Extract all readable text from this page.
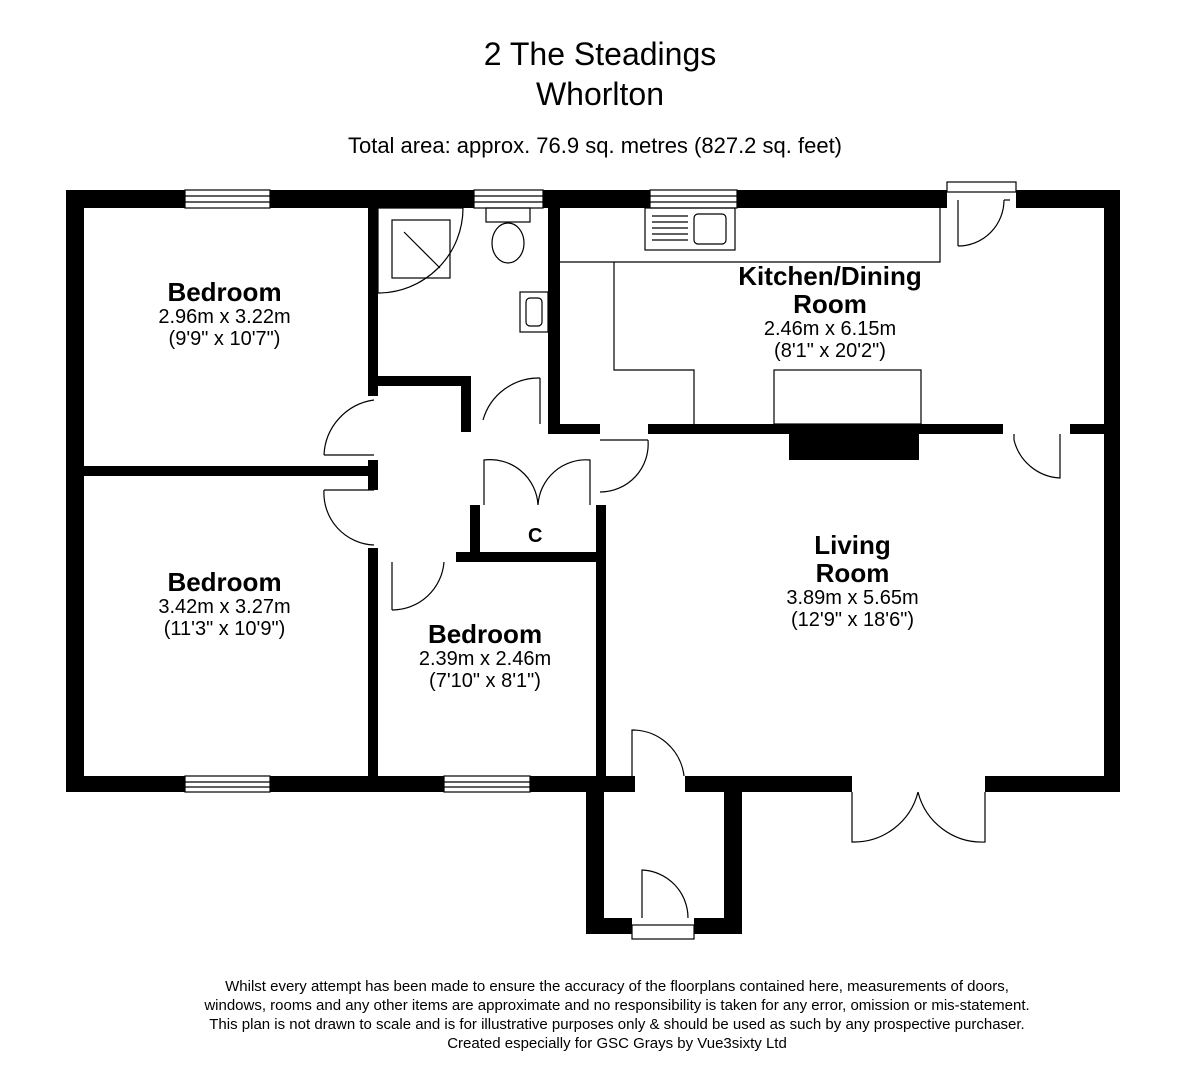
2 The Steadings
Whorlton
Total area: approx. 76.9 sq. metres (827.2 sq. feet)
Bedroom
2.96m x 3.22m
(9'9" x 10'7")
Bedroom
3.42m x 3.27m
(11'3" x 10'9")	Bedroom
2.39m x 2.46m
(7'10" x 8'1")
Kitchen/Dining
Room
2.46m x 6.15m
(8'1" x 20'2")
Living
Room
3.89m x 5.65m
(12'9" x 18'6")
C
Whilst every attempt has been made to ensure the accuracy of the floorplans contained here, measurements of doors,
windows, rooms and any other items are approximate and no responsibility is taken for any error, omission or mis-statement.
This plan is not drawn to scale and is for illustrative purposes only & should be used as such by any prospective purchaser.
Created especially for GSC Grays by Vue3sixty Ltd
